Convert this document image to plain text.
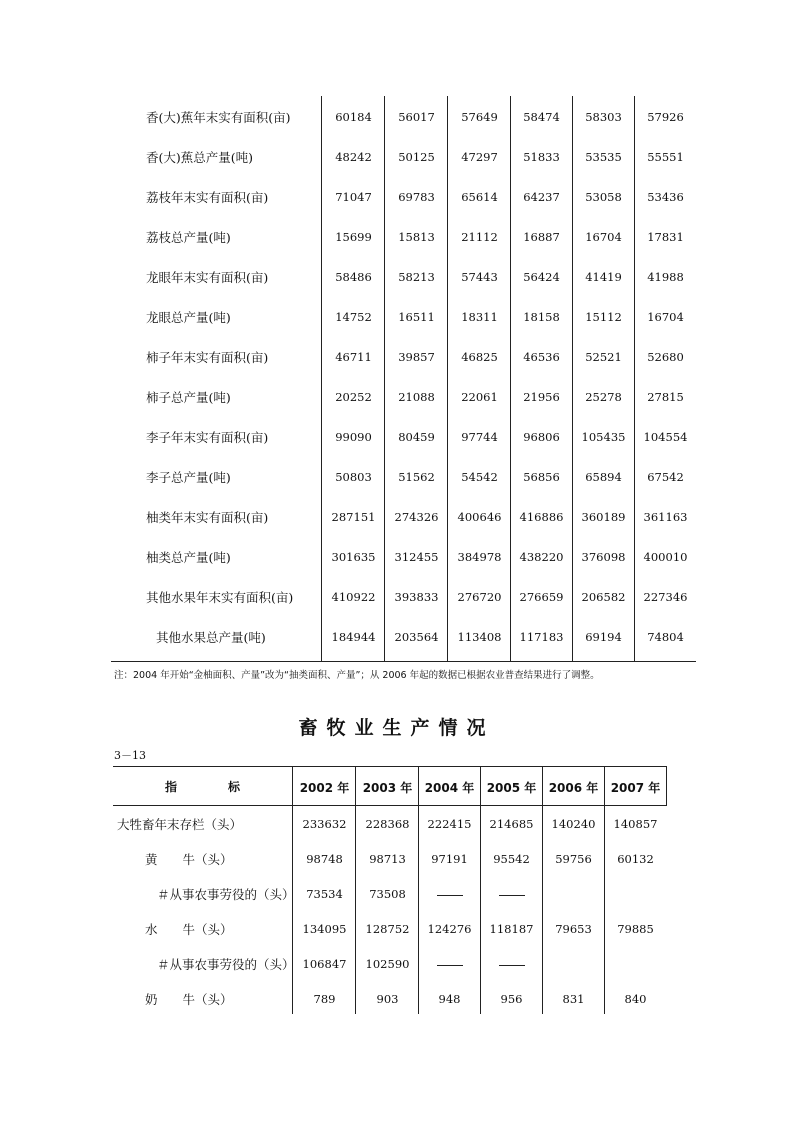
香(大)蕉年末实有面积(亩)	60184	56017	57649	58474	58303	57926
香(大)蕉总产量(吨)	48242	50125	47297	51833	53535	55551
荔枝年末实有面积(亩)	71047	69783	65614	64237	53058	53436
荔枝总产量(吨)	15699	15813	21112	16887	16704	17831
龙眼年末实有面积(亩)	58486	58213	57443	56424	41419	41988
龙眼总产量(吨)	14752	16511	18311	18158	15112	16704
柿子年末实有面积(亩)	46711	39857	46825	46536	52521	52680
柿子总产量(吨)	20252	21088	22061	21956	25278	27815
李子年末实有面积(亩)	99090	80459	97744	96806	105435	104554
李子总产量(吨)	50803	51562	54542	56856	65894	67542
柚类年末实有面积(亩)	287151	274326	400646	416886	360189	361163
柚类总产量(吨)	301635	312455	384978	438220	376098	400010
其他水果年末实有面积(亩)	410922	393833	276720	276659	206582	227346
其他水果总产量(吨)	184944	203564	113408	117183	69194	74804
注：2004 年开始“金柚面积、产量”改为“抽类面积、产量”；从 2006 年起的数据已根据农业普查结果进行了调整。
畜牧业生产情况
3－13
指	标	2002 年	2003 年	2004 年	2005 年	2006 年	2007 年
大牲畜年末存栏（头）	233632	228368	222415	214685	140240	140857
黄　　牛（头）	98748	98713	97191	95542	59756	60132
＃从事农事劳役的（头）	73534	73508
水　　牛（头）	134095	128752	124276	118187	79653	79885
＃从事农事劳役的（头） 106847	102590
奶　　牛（头）	789	903	948	956	831	840
